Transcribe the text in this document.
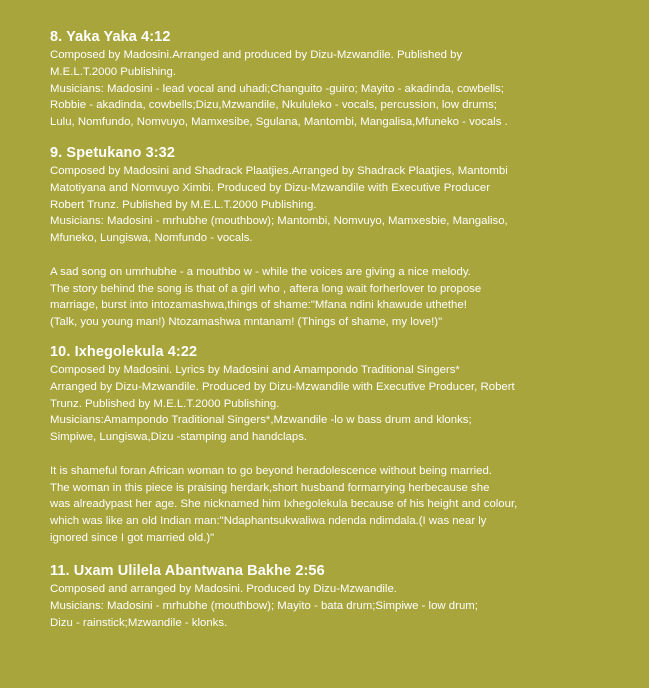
8. Yaka Yaka 4:12

Composed by Madosini.Arranged and produced by Dizu-Mzwandile. Published by
M.E.L.T.2000 Publishing.
Musicians: Madosini - lead vocal and uhadi;Changuito -guiro; Mayito - akadinda, cowbells;
Robbie - akadinda, cowbells;Dizu,Mzwandile, Nkululeko - vocals, percussion, low drums;
Lulu, Nomfundo, Nomvuyo, Mamxesibe, Sgulana, Mantombi, Mangalisa,Mfuneko - vocals .

9. Spetukano 3:32

Composed by Madosini and Shadrack Plaatjies.Arranged by Shadrack Plaatjies, Mantombi
Matotiyana and Nomvuyo Ximbi. Produced by Dizu-Mzwandile with Executive Producer
Robert Trunz. Published by M.E.L.T.2000 Publishing.
Musicians: Madosini - mrhubhe (mouthbow); Mantombi, Nomvuyo, Mamxesbie, Mangaliso,
Mfuneko, Lungiswa, Nomfundo - vocals.

A sad song on umrhubhe - a mouthbo w - while the voices are giving a nice melody.
The story behind the song is that of a girl who , aftera long wait forherlover to propose
marriage, burst into intozamashwa,things of shame:"Mfana ndini khawude uthethe!
(Talk, you young man!) Ntozamashwa mntanam! (Things of shame, my love!)"

10. Ixhegolekula 4:22

Composed by Madosini. Lyrics by Madosini and Amampondo Traditional Singers*
Arranged by Dizu-Mzwandile. Produced by Dizu-Mzwandile with Executive Producer, Robert
Trunz. Published by M.E.L.T.2000 Publishing.
Musicians:Amampondo Traditional Singers*,Mzwandile -lo w bass drum and klonks;
Simpiwe, Lungiswa,Dizu -stamping and handclaps.

It is shameful foran African woman to go beyond heradolescence without being married.
The woman in this piece is praising herdark,short husband formarrying herbecause she
was alreadypast her age. She nicknamed him Ixhegolekula because of his height and colour,
which was like an old Indian man:"Ndaphantsukwaliwa ndenda ndimdala.(I was near ly
ignored since I got married old.)"

11. Uxam Ulilela Abantwana Bakhe 2:56

Composed and arranged by Madosini. Produced by Dizu-Mzwandile.
Musicians: Madosini - mrhubhe (mouthbow); Mayito - bata drum;Simpiwe - low drum;
Dizu - rainstick;Mzwandile - klonks.
